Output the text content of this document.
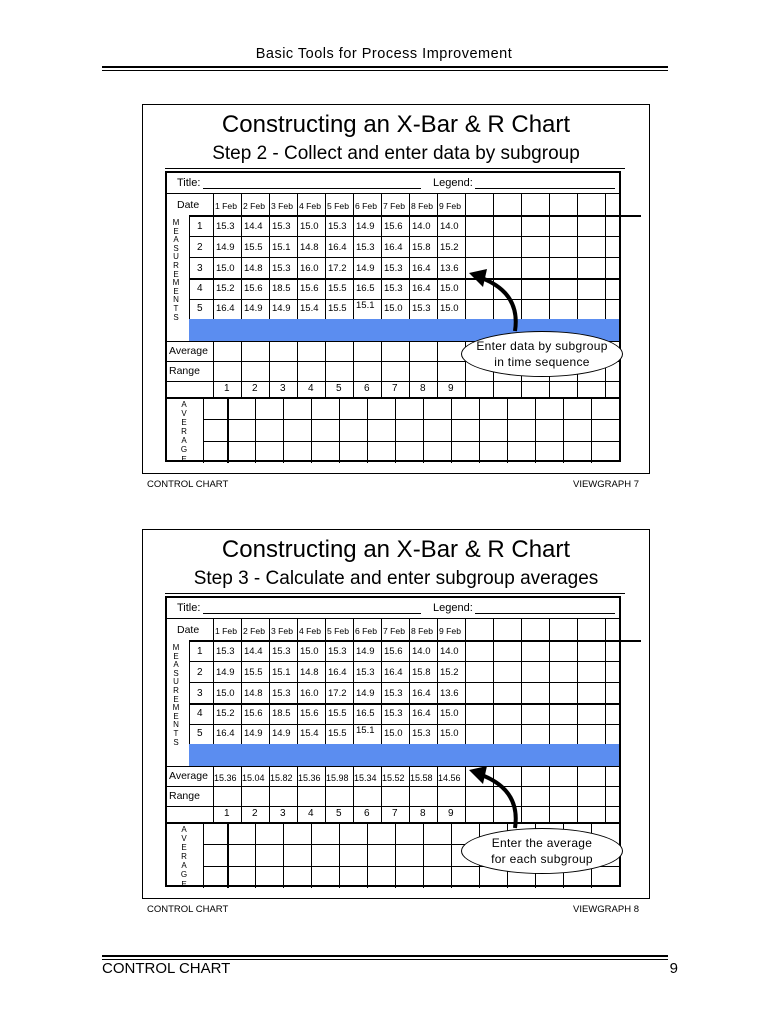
Basic Tools for Process Improvement
Constructing an X-Bar & R Chart
Step 2 - Collect and enter data by subgroup
Title:	Legend:
Date 1 Feb 2 Feb 3 Feb 4 Feb 5 Feb 6 Feb 7 Feb 8 Feb 9 Feb
M
E
A
S
U
R
E
M
E
N
T
S
1 15.3 14.4 15.3 15.0 15.3 14.9 15.6 14.0 14.0
2 14.9 15.5 15.1 14.8 16.4 15.3 16.4 15.8 15.2
3 15.0 14.8 15.3 16.0 17.2 14.9 15.3 16.4 13.6
4 15.2 15.6 18.5 15.6 15.5 16.5 15.3 16.4 15.0
5 16.4 14.9 14.9 15.4 15.5 15.1 15.0 15.3 15.0
Average
Range
1 2 3 4 5 6 7 8 9
A
V
E
R
A
G
E
Enter data by subgroup
in time sequence
CONTROL CHART	VIEWGRAPH 7
Constructing an X-Bar & R Chart
Step 3 - Calculate and enter subgroup averages
Title:	Legend:
Date 1 Feb 2 Feb 3 Feb 4 Feb 5 Feb 6 Feb 7 Feb 8 Feb 9 Feb
M
E
A
S
U
R
E
M
E
N
T
S
1 15.3 14.4 15.3 15.0 15.3 14.9 15.6 14.0 14.0
2 14.9 15.5 15.1 14.8 16.4 15.3 16.4 15.8 15.2
3 15.0 14.8 15.3 16.0 17.2 14.9 15.3 16.4 13.6
4 15.2 15.6 18.5 15.6 15.5 16.5 15.3 16.4 15.0
5 16.4 14.9 14.9 15.4 15.5 15.1 15.0 15.3 15.0
Average 15.36 15.04 15.82 15.36 15.98 15.34 15.52 15.58 14.56
Range
1 2 3 4 5 6 7 8 9
A
V
E
R
A
G
E
Enter the average
for each subgroup
CONTROL CHART	VIEWGRAPH 8
CONTROL CHART	9
